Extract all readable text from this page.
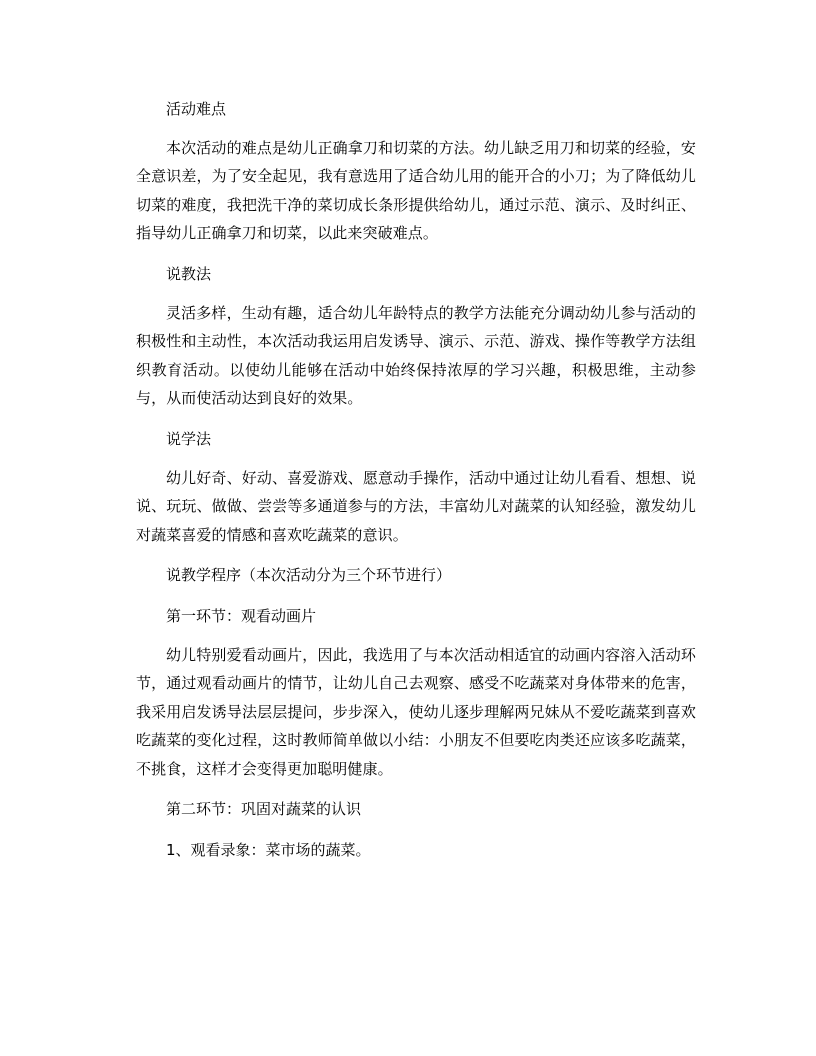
活动难点

本次活动的难点是幼儿正确拿刀和切菜的方法。幼儿缺乏用刀和切菜的经验，安全意识差，为了安全起见，我有意选用了适合幼儿用的能开合的小刀；为了降低幼儿切菜的难度，我把洗干净的菜切成长条形提供给幼儿，通过示范、演示、及时纠正、指导幼儿正确拿刀和切菜，以此来突破难点。

说教法

灵活多样，生动有趣，适合幼儿年龄特点的教学方法能充分调动幼儿参与活动的积极性和主动性，本次活动我运用启发诱导、演示、示范、游戏、操作等教学方法组织教育活动。以使幼儿能够在活动中始终保持浓厚的学习兴趣，积极思维，主动参与，从而使活动达到良好的效果。

说学法

幼儿好奇、好动、喜爱游戏、愿意动手操作，活动中通过让幼儿看看、想想、说说、玩玩、做做、尝尝等多通道参与的方法，丰富幼儿对蔬菜的认知经验，激发幼儿对蔬菜喜爱的情感和喜欢吃蔬菜的意识。

说教学程序（本次活动分为三个环节进行）

第一环节：观看动画片

幼儿特别爱看动画片，因此，我选用了与本次活动相适宜的动画内容溶入活动环节，通过观看动画片的情节，让幼儿自己去观察、感受不吃蔬菜对身体带来的危害，我采用启发诱导法层层提问，步步深入，使幼儿逐步理解两兄妹从不爱吃蔬菜到喜欢吃蔬菜的变化过程，这时教师简单做以小结：小朋友不但要吃肉类还应该多吃蔬菜，不挑食，这样才会变得更加聪明健康。

第二环节：巩固对蔬菜的认识

1、观看录象：菜市场的蔬菜。
